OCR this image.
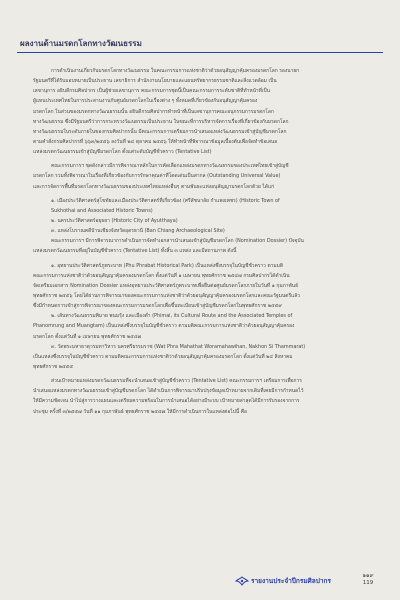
ผลงานด้านมรดกโลกทางวัฒนธรรม
การดำเนินงานเกี่ยวกับมรดกโลกทางวัฒนธรรม ในคณะกรรมการแห่งชาติว่าด้วยอนุสัญญาคุ้มครองมรดกโลก รองนายก
รัฐมนตรีที่ได้รับมอบหมายเป็นประธาน เลขาธิการ สำนักงานนโยบายและแผนทรัพยากรธรรมชาติและสิ่งแวดล้อม เป็น
เลขานุการ อธิบดีกรมศิลปากร เป็นผู้ช่วยเลขานุการ คณะกรรมการชุดนี้เป็นคณะกรรมการระดับชาติที่ทำหน้าที่เป็น
ผู้แทนประเทศไทยในการประสานงานกับศูนย์มรดกโลกในเรื่องต่าง ๆ ทั้งหมดที่เกี่ยวข้องกับอนุสัญญาคุ้มครอง
มรดกโลก ในส่วนของมรดกทางวัฒนธรรมนั้น อธิบดีกรมศิลปากรทำหน้าที่เป็นเลขานุการคณะอนุกรรมการมรดกโลก
ทางวัฒนธรรม ซึ่งมีรัฐมนตรีว่าการกระทรวงวัฒนธรรมเป็นประธาน ในขณะที่การบริหารจัดการเรื่องที่เกี่ยวข้องกับมรดกโลก
ทางวัฒนธรรมในระดับภายในของกรมศิลปากรนั้น มีคณะกรรมการเตรียมการนำเสนอแหล่งวัฒนธรรมเข้าสู่บัญชีมรดกโลก
ตามคำสั่งกรมศิลปากรที่ ๖๖๓/๒๕๕๖ ลงวันที่ ๒๔ ตุลาคม ๒๕๕๖ ให้ทำหน้าที่พิจารณาข้อมูลเบื้องต้นเพื่อจัดทำข้อเสนอ
แหล่งมรดกวัฒนธรรมเข้าสู่บัญชีมรดกโลก ตั้งแต่ระดับบัญชีชั่วคราว (Tentative List)
คณะกรรมการฯ ชุดดังกล่าวมีการพิจารณาหลักในการคัดเลือกแหล่งมรดกทางวัฒนธรรมของประเทศไทยเข้าสู่บัญชี
มรดกโลก รวมทั้งพิจารณาในเรื่องที่เกี่ยวข้องกับการรักษาคุณค่าที่โดดเด่นเป็นสากล (Outstanding Universal Value)
และการจัดการพื้นที่มรดกโลกทางวัฒนธรรมของประเทศไทยแหล่งอื่นๆ ตามพันธะแห่งอนุสัญญามรดกโลกด้วย ได้แก่
๑. เมืองประวัติศาสตร์สุโขทัยและเมืองประวัติศาสตร์ที่เกี่ยวข้อง (ศรีสัชนาลัย กำแพงเพชร) (Historic Town of
Sukhothai and Associated Historic Towns)
๒. นครประวัติศาสตร์อยุธยา (Historic City of Ayutthaya)
๓. แหล่งโบราณคดีบ้านเชียงจังหวัดอุดรธานี (Ban Chiang Archaeological Site)
คณะกรรมการฯ มีการพิจารณาการดำเนินการจัดทำเอกสารนำเสนอเข้าสู่บัญชีมรดกโลก (Nomination Dossier) ปัจจุบัน
แหล่งมรดกวัฒนธรรมที่อยู่ในบัญชีชั่วคราว (Tentative List) ทั้งสิ้น ๓ แหล่ง และมีสถานภาพ ดังนี้
๑. อุทยานประวัติศาสตร์ภูพระบาท (Phu Phrabat Historical Park) เป็นแหล่งซึ่งบรรจุในบัญชีชั่วคราว ตามมติ
คณะกรรมการแห่งชาติว่าด้วยอนุสัญญาคุ้มครองมรดกโลก ตั้งแต่วันที่ ๑ เมษายน พุทธศักราช ๒๕๔๗ กรมศิลปากรได้ดำเนิน
จัดเตรียมเอกสาร Nomination Dossier แหล่งอุทยานประวัติศาสตร์ภูพระบาทเพื่อยื่นต่อศูนย์มรดกโลกภายในวันที่ ๑ กุมภาพันธ์
พุทธศักราช ๒๕๕๖ โดยได้ผ่านการพิจารณาของคณะกรรมการแห่งชาติว่าด้วยอนุสัญญาคุ้มครองมรดกโลกและคณะรัฐมนตรีแล้ว
ซึ่งมีกำหนดการเข้าสู่การพิจารณาของคณะกรรมการมรดกโลกเพื่อขึ้นทะเบียนเข้าสู่บัญชีมรดกโลกในพุทธศักราช ๒๕๕๙
๒. เส้นทางวัฒนธรรมพิมาย พนมรุ้ง และเมืองต่ำ (Phimai, its Cultural Route and the Associated Temples of
Phanomrung and Muangtam) เป็นแหล่งซึ่งบรรจุในบัญชีชั่วคราว ตามมติคณะกรรมการแห่งชาติว่าด้วยอนุสัญญาคุ้มครอง
มรดกโลก ตั้งแต่วันที่ ๑ เมษายน พุทธศักราช ๒๕๔๗
๓. วัดพระมหาธาตุวรมหาวิหาร นครศรีธรรมราช (Wat Phra Mahathat Woramahawihan, Nakhon Si Thammarat)
เป็นแหล่งซึ่งบรรจุในบัญชีชั่วคราว ตามมติคณะกรรมการแห่งชาติว่าด้วยอนุสัญญาคุ้มครองมรดกโลก ตั้งแต่วันที่ ๒๔ สิงหาคม
พุทธศักราช ๒๕๕๕
ส่วนเป้าหมายแหล่งมรดกวัฒนธรรมที่จะนำเสนอเข้าสู่บัญชีชั่วคราว (Tentative List) คณะกรรมการฯ เตรียมการเพื่อการ
นำเสนอแหล่งมรดกทางวัฒนธรรมเข้าสู่บัญชีมรดกโลก ได้ดำเนินการพิจารณาปรับปรุงข้อมูลเป้าหมายจากเดิมที่เคยมีการกำหนดไว้
ให้มีความชัดเจน นำไปสู่การวางแผนและเตรียมความพร้อมในการนำเสนอได้อย่างมีระบบ เป้าหมายล่าสุดได้มีการรับรองจากการ
ประชุม ครั้งที่ ๓/๒๕๕๗ วันที่ ๑๑ กุมภาพันธ์ พุทธศักราช ๒๕๕๗ ให้มีการดำเนินการในแหล่งต่อไปนี้ คือ
รายงานประจำปีกรมศิลปากร
๑๑๙
119
